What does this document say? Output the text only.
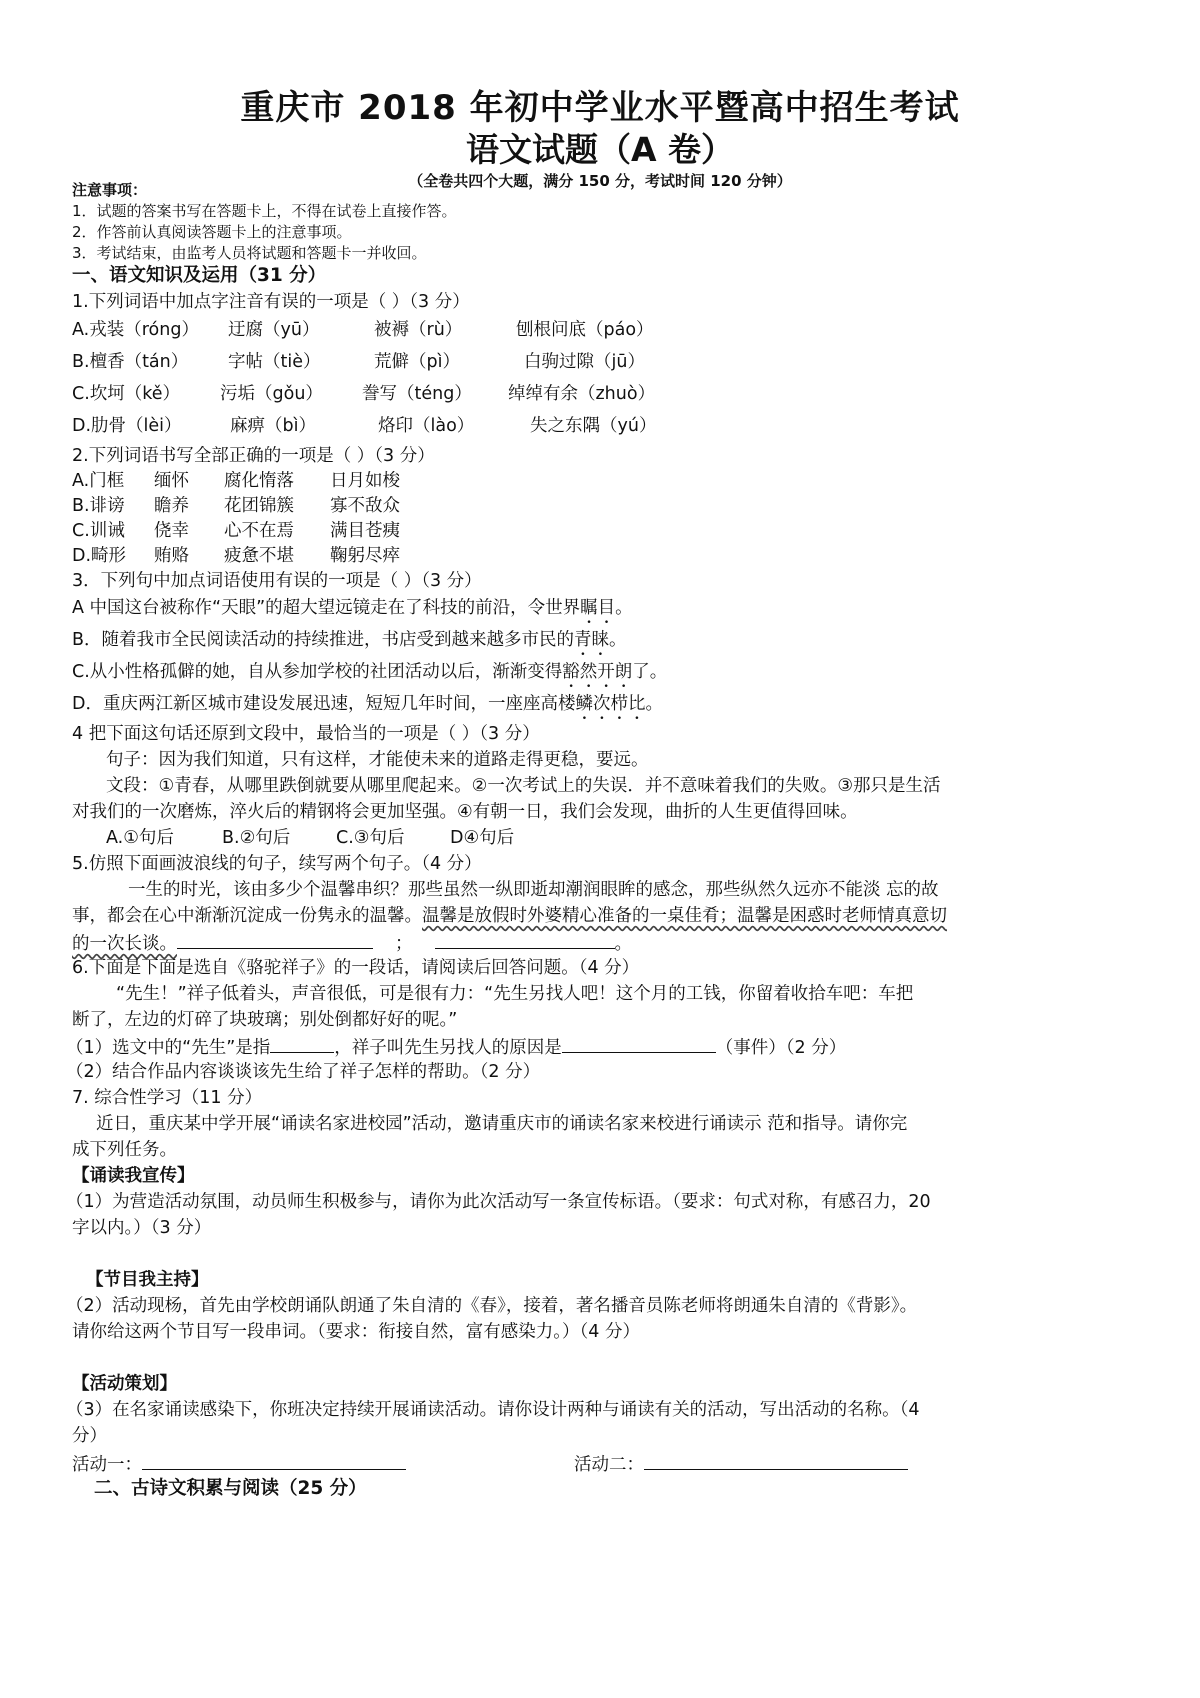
重庆市 2018 年初中学业水平暨高中招生考试
语文试题（A 卷）
（全卷共四个大题，满分 150 分，考试时间 120 分钟）
注意事项：
1．试题的答案书写在答题卡上，不得在试卷上直接作答。
2．作答前认真阅读答题卡上的注意事项。
3．考试结束，由监考人员将试题和答题卡一并收回。
一、语文知识及运用（31 分）
1.下列词语中加点字注音有误的一项是（ ）（3 分）
A.戎装（róng） 迂腐（yū）	被褥（rù）	刨根问底（páo）
B.檀香（tán） 字帖（tiè）	荒僻（pì）	白驹过隙（jū）
C.坎坷（kě） 污垢（gǒu） 誊写（téng） 绰绰有余（zhuò）
D.肋骨（lèi）	麻痹（bì）	烙印（lào）	失之东隅（yú）
2.下列词语书写全部正确的一项是（ ）（3 分）
A.门框 缅怀 腐化惰落 日月如梭
B.诽谤 瞻养 花团锦簇 寡不敌众
C.训诫 侥幸 心不在焉 满目苍痍
D.畸形 贿赂 疲惫不堪 鞠躬尽瘁
3．下列句中加点词语使用有误的一项是（ ）（3 分）
A 中国这台被称作“天眼”的超大望远镜走在了科技的前沿，令世界瞩目。
B．随着我市全民阅读活动的持续推进，书店受到越来越多市民的青睐。
C.从小性格孤僻的她，自从参加学校的社团活动以后，渐渐变得豁然开朗了。
D．重庆两江新区城市建设发展迅速，短短几年时间，一座座高楼鳞次栉比。
4 把下面这句话还原到文段中，最恰当的一项是（ ）（3 分）
句子：因为我们知道，只有这样，才能使未来的道路走得更稳，要远。
文段：①青春，从哪里跌倒就要从哪里爬起来。②一次考试上的失误．并不意味着我们的失败。③那只是生活
对我们的一次磨炼，淬火后的精钢将会更加坚强。④有朝一日，我们会发现，曲折的人生更值得回味。
A.①句后	B.②句后	C.③句后	D④句后
5.仿照下面画波浪线的句子，续写两个句子。（4 分）
一生的时光，该由多少个温馨串织？那些虽然一纵即逝却潮润眼眸的感念，那些纵然久远亦不能淡 忘的故
事，都会在心中渐渐沉淀成一份隽永的温馨。温馨是放假时外婆精心准备的一桌佳肴；温馨是困惑时老师情真意切
的一次长谈。	；	。
6.下面是下面是选自《骆驼祥子》的一段话，请阅读后回答问题。（4 分）
“先生！”祥子低着头，声音很低，可是很有力：“先生另找人吧！这个月的工钱，你留着收拾车吧：车把
断了，左边的灯碎了块玻璃；别处倒都好好的呢。”
（1）选文中的“先生”是指	，祥子叫先生另找人的原因是	（事件）（2 分）
（2）结合作品内容谈谈该先生给了祥子怎样的帮助。（2 分）
7. 综合性学习（11 分）
近日，重庆某中学开展“诵读名家进校园”活动，邀请重庆市的诵读名家来校进行诵读示 范和指导。请你完
成下列任务。
【诵读我宣传】
（1）为营造活动氛围，动员师生积极参与，请你为此次活动写一条宣传标语。（要求：句式对称，有感召力，20
字以内。）（3 分）
【节目我主持】
（2）活动现杨，首先由学校朗诵队朗通了朱自清的《春》，接着，著名播音员陈老师将朗通朱自清的《背影》。
请你给这两个节目写一段串词。（要求：衔接自然，富有感染力。）（4 分）
【活动策划】
（3）在名家诵读感染下，你班决定持续开展诵读活动。请你设计两种与诵读有关的活动，写出活动的名称。（4
分）
活动一：	活动二：
二、古诗文积累与阅读（25 分）
